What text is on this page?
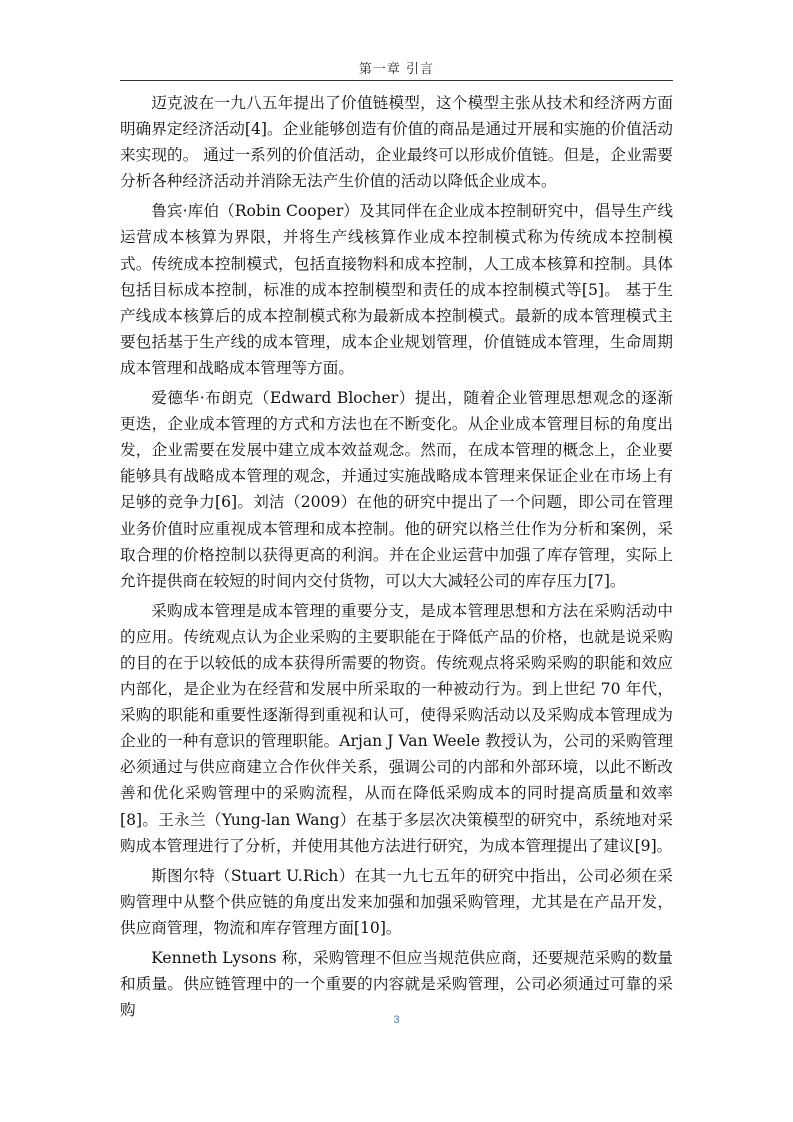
第一章 引言

迈克波在一九八五年提出了价值链模型，这个模型主张从技术和经济两方面明确界定经济活动[4]。企业能够创造有价值的商品是通过开展和实施的价值活动来实现的。 通过一系列的价值活动，企业最终可以形成价值链。但是，企业需要分析各种经济活动并消除无法产生价值的活动以降低企业成本。

鲁宾·库伯（Robin Cooper）及其同伴在企业成本控制研究中，倡导生产线运营成本核算为界限，并将生产线核算作业成本控制模式称为传统成本控制模式。传统成本控制模式，包括直接物料和成本控制，人工成本核算和控制。具体包括目标成本控制，标准的成本控制模型和责任的成本控制模式等[5]。 基于生产线成本核算后的成本控制模式称为最新成本控制模式。最新的成本管理模式主要包括基于生产线的成本管理，成本企业规划管理，价值链成本管理，生命周期成本管理和战略成本管理等方面。

爱德华·布朗克（Edward Blocher）提出，随着企业管理思想观念的逐渐更迭，企业成本管理的方式和方法也在不断变化。从企业成本管理目标的角度出发，企业需要在发展中建立成本效益观念。然而，在成本管理的概念上，企业要能够具有战略成本管理的观念，并通过实施战略成本管理来保证企业在市场上有足够的竞争力[6]。刘洁（2009）在他的研究中提出了一个问题，即公司在管理业务价值时应重视成本管理和成本控制。他的研究以格兰仕作为分析和案例，采取合理的价格控制以获得更高的利润。并在企业运营中加强了库存管理，实际上允许提供商在较短的时间内交付货物，可以大大减轻公司的库存压力[7]。

采购成本管理是成本管理的重要分支，是成本管理思想和方法在采购活动中的应用。传统观点认为企业采购的主要职能在于降低产品的价格，也就是说采购的目的在于以较低的成本获得所需要的物资。传统观点将采购采购的职能和效应内部化，是企业为在经营和发展中所采取的一种被动行为。到上世纪 70 年代，采购的职能和重要性逐渐得到重视和认可，使得采购活动以及采购成本管理成为企业的一种有意识的管理职能。Arjan J Van Weele 教授认为，公司的采购管理必须通过与供应商建立合作伙伴关系，强调公司的内部和外部环境，以此不断改善和优化采购管理中的采购流程，从而在降低采购成本的同时提高质量和效率 [8]。王永兰（Yung-lan Wang）在基于多层次决策模型的研究中，系统地对采购成本管理进行了分析，并使用其他方法进行研究，为成本管理提出了建议[9]。

斯图尔特（Stuart U.Rich）在其一九七五年的研究中指出，公司必须在采购管理中从整个供应链的角度出发来加强和加强采购管理，尤其是在产品开发，供应商管理，物流和库存管理方面[10]。

Kenneth Lysons 称，采购管理不但应当规范供应商，还要规范采购的数量和质量。供应链管理中的一个重要的内容就是采购管理，公司必须通过可靠的采购

3
